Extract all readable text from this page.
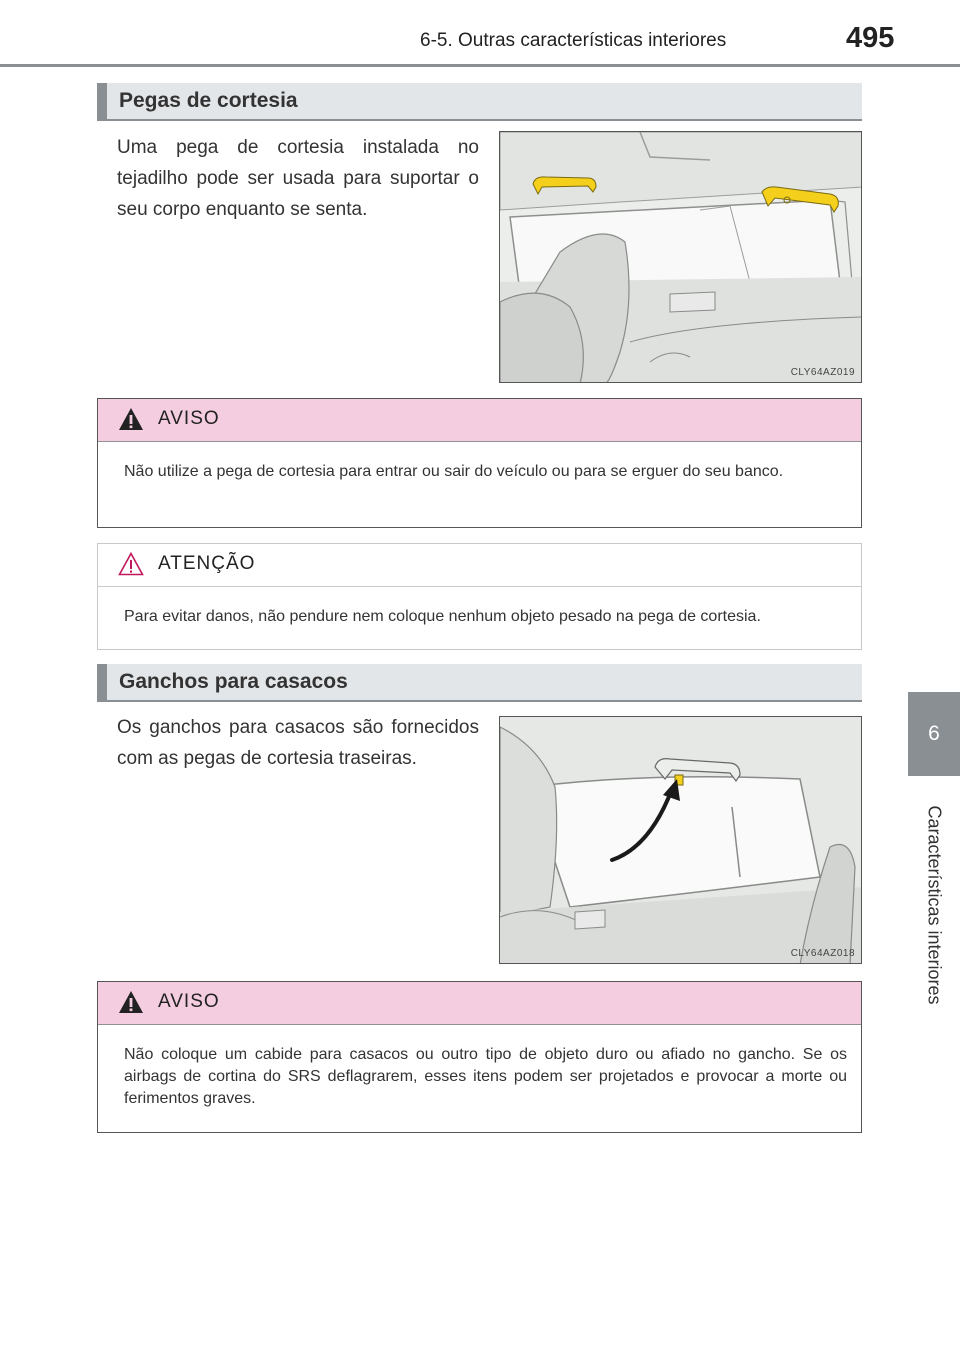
6-5. Outras características interiores	495
6
Características interiores
Pegas de cortesia
Uma pega de cortesia instalada no tejadilho pode ser usada para suportar o seu corpo enquanto se senta.
CLY64AZ019
AVISO
Não utilize a pega de cortesia para entrar ou sair do veículo ou para se erguer do seu banco.
ATENÇÃO
Para evitar danos, não pendure nem coloque nenhum objeto pesado na pega de cortesia.
Ganchos para casacos
Os ganchos para casacos são fornecidos com as pegas de cortesia traseiras.
CLY64AZ018
AVISO
Não coloque um cabide para casacos ou outro tipo de objeto duro ou afiado no gancho. Se os airbags de cortina do SRS deflagrarem, esses itens podem ser projetados e provocar a morte ou ferimentos graves.
